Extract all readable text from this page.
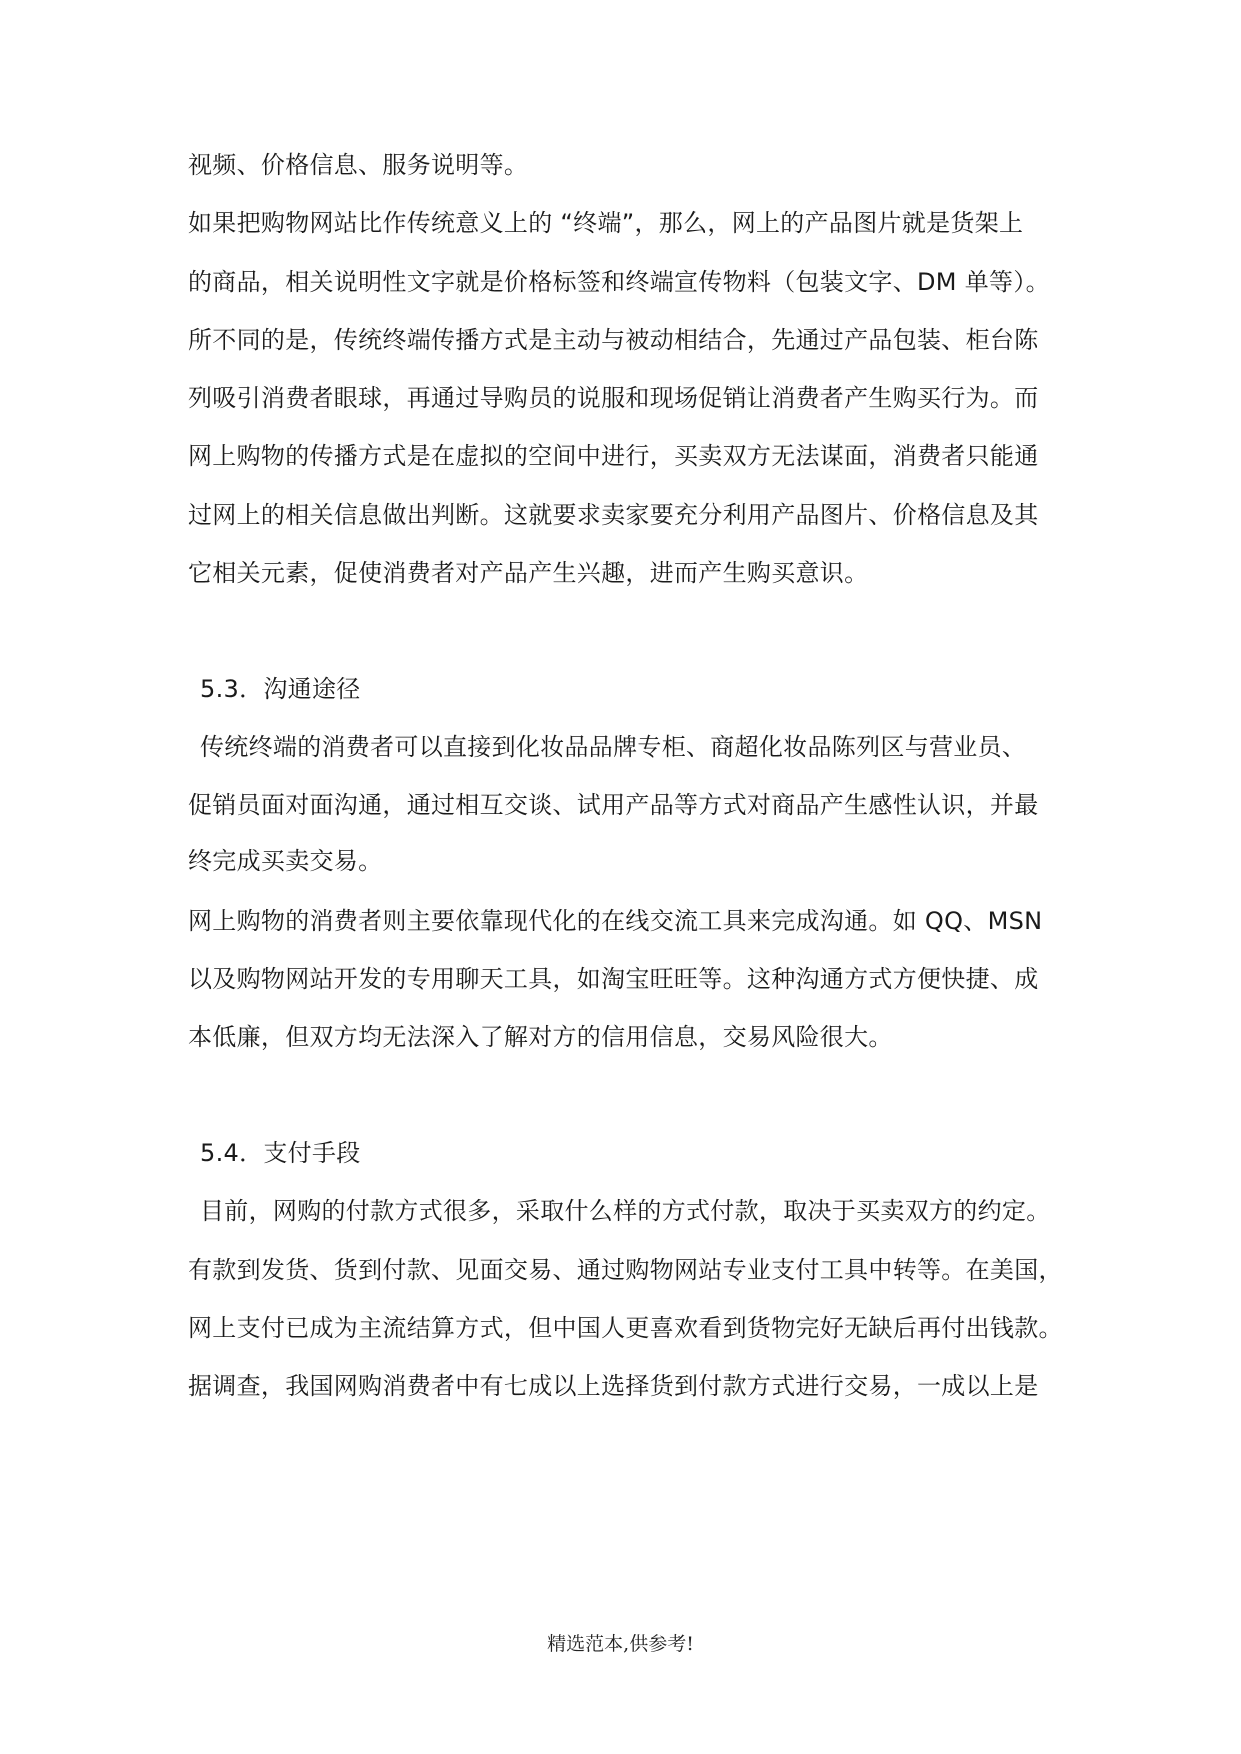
视频、价格信息、服务说明等。
如果把购物网站比作传统意义上的 “终端”，那么，网上的产品图片就是货架上
的商品，相关说明性文字就是价格标签和终端宣传物料（包装文字、DM 单等）。
所不同的是，传统终端传播方式是主动与被动相结合，先通过产品包装、柜台陈
列吸引消费者眼球，再通过导购员的说服和现场促销让消费者产生购买行为。而
网上购物的传播方式是在虚拟的空间中进行，买卖双方无法谋面，消费者只能通
过网上的相关信息做出判断。这就要求卖家要充分利用产品图片、价格信息及其
它相关元素，促使消费者对产品产生兴趣，进而产生购买意识。
5.3．沟通途径
传统终端的消费者可以直接到化妆品品牌专柜、商超化妆品陈列区与营业员、
促销员面对面沟通，通过相互交谈、试用产品等方式对商品产生感性认识，并最
终完成买卖交易。
网上购物的消费者则主要依靠现代化的在线交流工具来完成沟通。如 QQ、MSN
以及购物网站开发的专用聊天工具，如淘宝旺旺等。这种沟通方式方便快捷、成
本低廉，但双方均无法深入了解对方的信用信息，交易风险很大。
5.4．支付手段
目前，网购的付款方式很多，采取什么样的方式付款，取决于买卖双方的约定。
有款到发货、货到付款、见面交易、通过购物网站专业支付工具中转等。在美国，
网上支付已成为主流结算方式，但中国人更喜欢看到货物完好无缺后再付出钱款。
据调查，我国网购消费者中有七成以上选择货到付款方式进行交易，一成以上是
精选范本,供参考!
